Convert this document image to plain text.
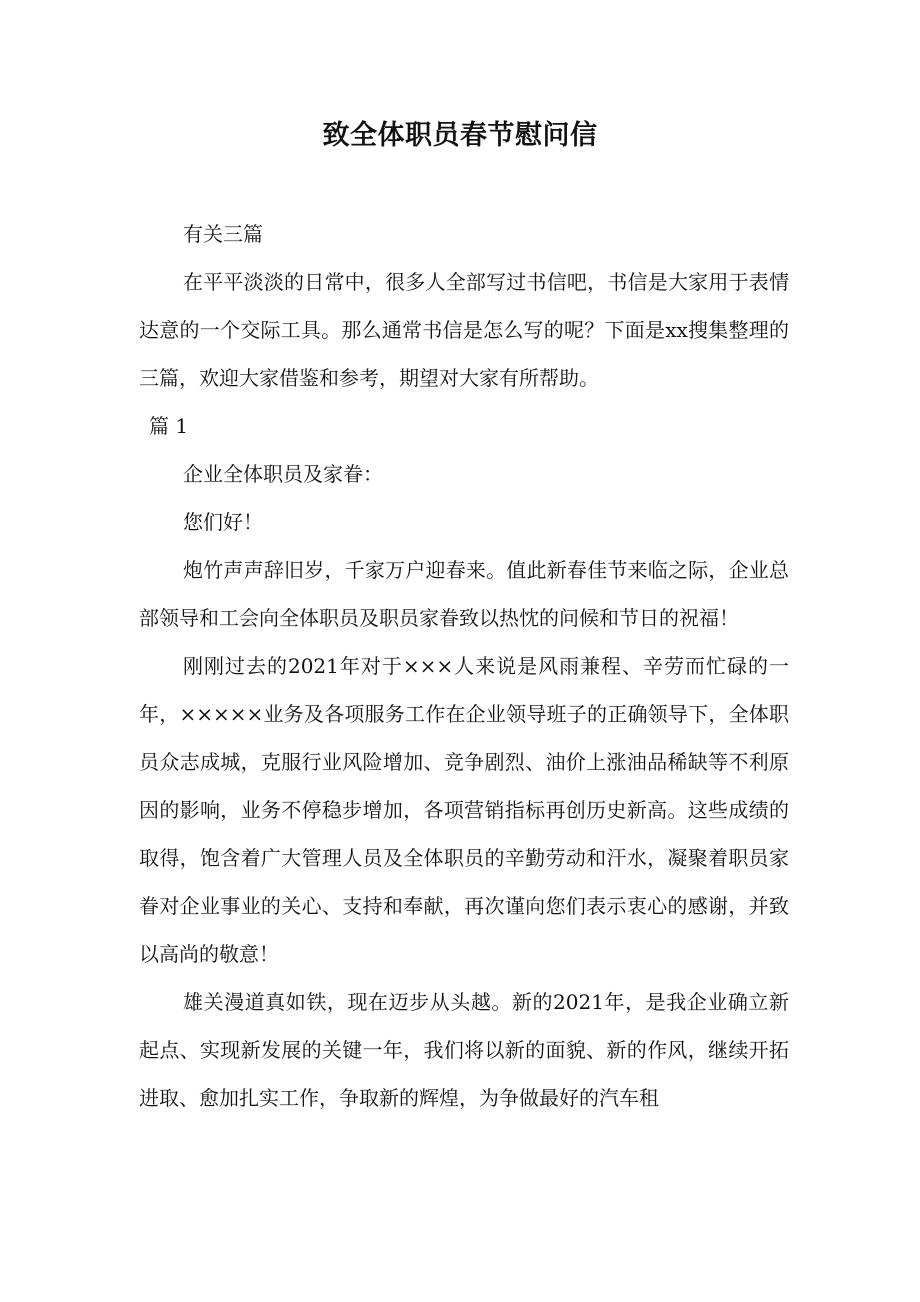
致全体职员春节慰问信

有关三篇

在平平淡淡的日常中，很多人全部写过书信吧，书信是大家用于表情达意的一个交际工具。那么通常书信是怎么写的呢？下面是xx搜集整理的三篇，欢迎大家借鉴和参考，期望对大家有所帮助。

篇 1

企业全体职员及家眷：

您们好！

炮竹声声辞旧岁，千家万户迎春来。值此新春佳节来临之际，企业总部领导和工会向全体职员及职员家眷致以热忱的问候和节日的祝福！

刚刚过去的2021年对于×××人来说是风雨兼程、辛劳而忙碌的一年，×××××业务及各项服务工作在企业领导班子的正确领导下，全体职员众志成城，克服行业风险增加、竞争剧烈、油价上涨油品稀缺等不利原因的影响，业务不停稳步增加，各项营销指标再创历史新高。这些成绩的取得，饱含着广大管理人员及全体职员的辛勤劳动和汗水，凝聚着职员家眷对企业事业的关心、支持和奉献，再次谨向您们表示衷心的感谢，并致以高尚的敬意！

雄关漫道真如铁，现在迈步从头越。新的2021年，是我企业确立新起点、实现新发展的关键一年，我们将以新的面貌、新的作风，继续开拓进取、愈加扎实工作，争取新的辉煌，为争做最好的汽车租
